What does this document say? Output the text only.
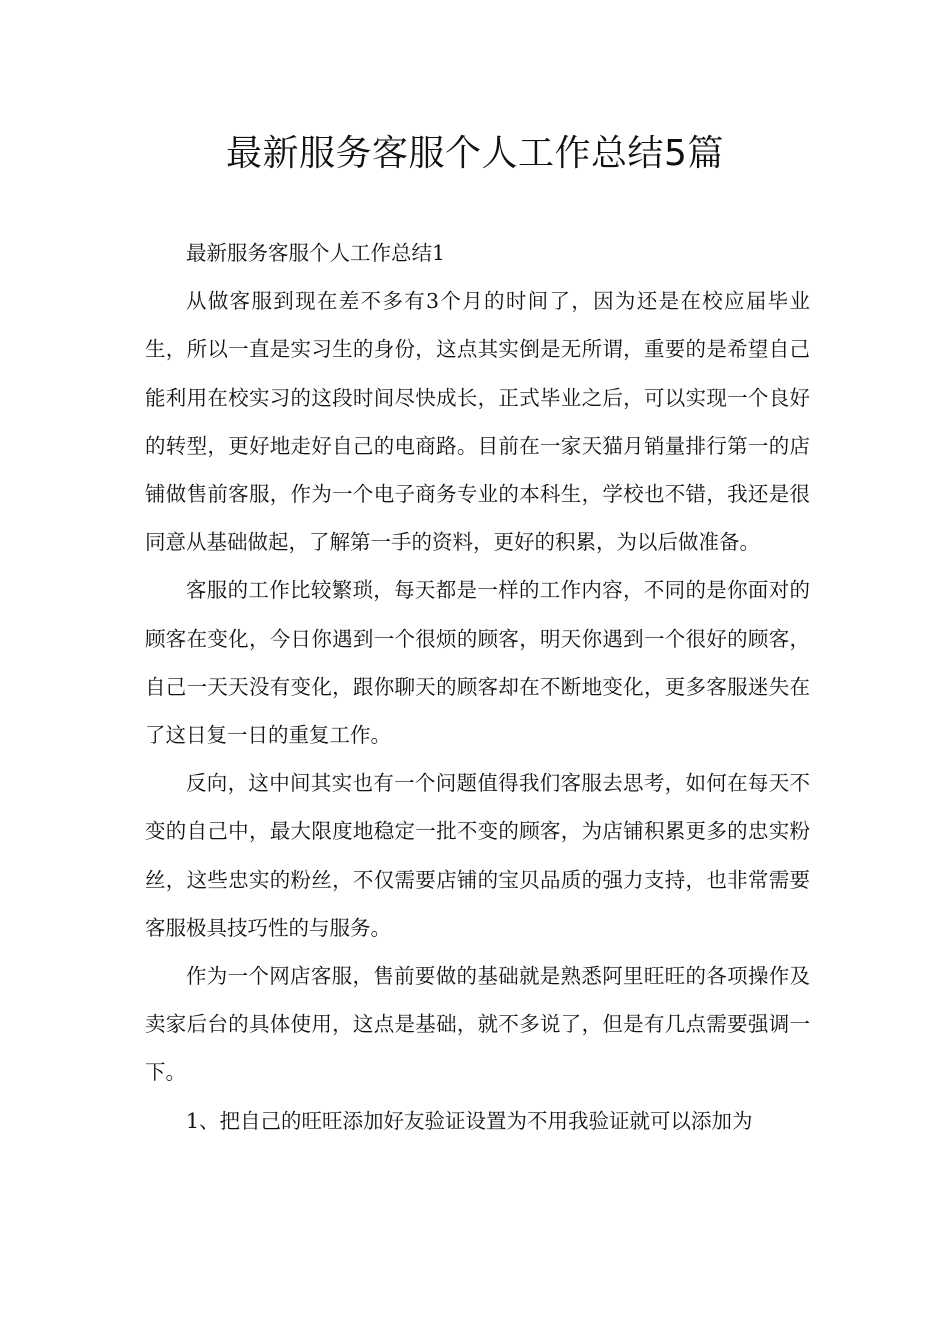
最新服务客服个人工作总结5篇

最新服务客服个人工作总结1

从做客服到现在差不多有3个月的时间了，因为还是在校应届毕业生，所以一直是实习生的身份，这点其实倒是无所谓，重要的是希望自己能利用在校实习的这段时间尽快成长，正式毕业之后，可以实现一个良好的转型，更好地走好自己的电商路。目前在一家天猫月销量排行第一的店铺做售前客服，作为一个电子商务专业的本科生，学校也不错，我还是很同意从基础做起，了解第一手的资料，更好的积累，为以后做准备。

客服的工作比较繁琐，每天都是一样的工作内容，不同的是你面对的顾客在变化，今日你遇到一个很烦的顾客，明天你遇到一个很好的顾客，自己一天天没有变化，跟你聊天的顾客却在不断地变化，更多客服迷失在了这日复一日的重复工作。

反向，这中间其实也有一个问题值得我们客服去思考，如何在每天不变的自己中，最大限度地稳定一批不变的顾客，为店铺积累更多的忠实粉丝，这些忠实的粉丝，不仅需要店铺的宝贝品质的强力支持，也非常需要客服极具技巧性的与服务。

作为一个网店客服，售前要做的基础就是熟悉阿里旺旺的各项操作及卖家后台的具体使用，这点是基础，就不多说了，但是有几点需要强调一下。

1、把自己的旺旺添加好友验证设置为不用我验证就可以添加为
